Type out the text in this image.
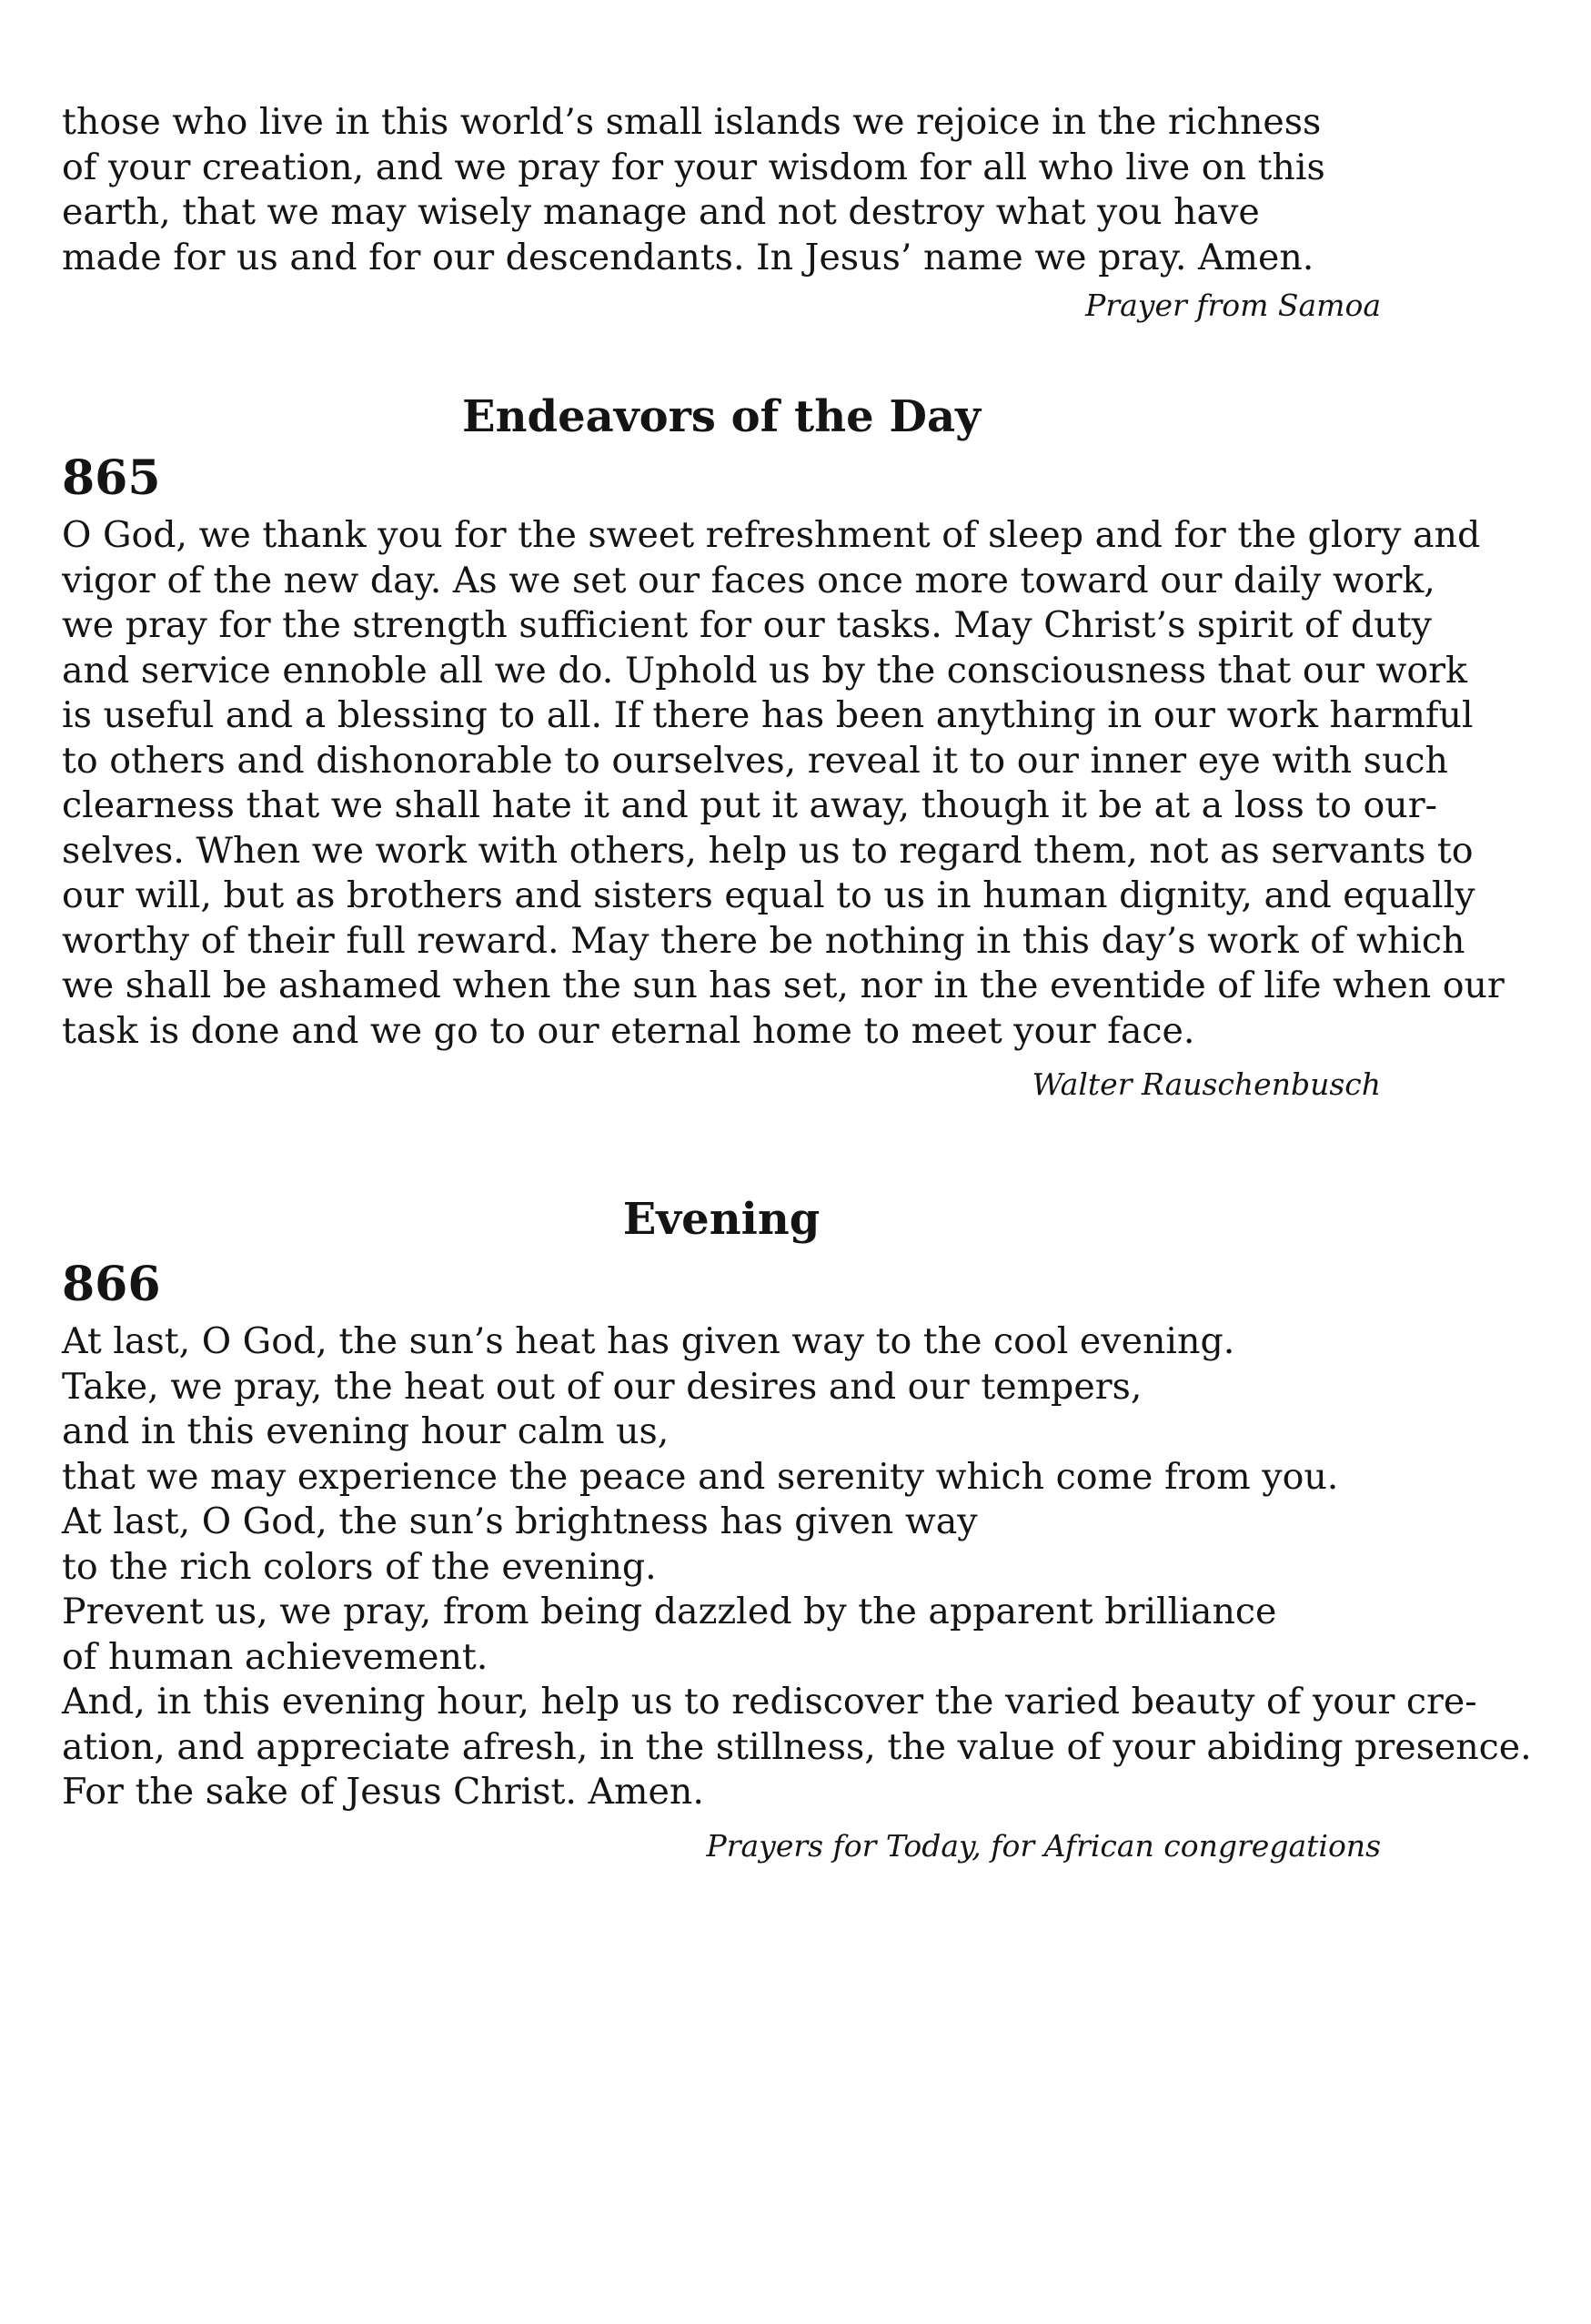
those who live in this world’s small islands we rejoice in the richness

of your creation, and we pray for your wisdom for all who live on this

earth, that we may wisely manage and not destroy what you have

made for us and for our descendants. In Jesus’ name we pray. Amen.

Prayer from Samoa

Endeavors of the Day
865

O God, we thank you for the sweet refreshment of sleep and for the glory and

vigor of the new day. As we set our faces once more toward our daily work,

we pray for the strength sufficient for our tasks. May Christ’s spirit of duty

and service ennoble all we do. Uphold us by the consciousness that our work

is useful and a blessing to all. If there has been anything in our work harmful

to others and dishonorable to ourselves, reveal it to our inner eye with such

clearness that we shall hate it and put it away, though it be at a loss to our-

selves. When we work with others, help us to regard them, not as servants to

our will, but as brothers and sisters equal to us in human dignity, and equally

worthy of their full reward. May there be nothing in this day’s work of which

we shall be ashamed when the sun has set, nor in the eventide of life when our

task is done and we go to our eternal home to meet your face.

Walter Rauschenbusch

Evening
866

At last, O God, the sun’s heat has given way to the cool evening.

Take, we pray, the heat out of our desires and our tempers,

and in this evening hour calm us,

that we may experience the peace and serenity which come from you.

At last, O God, the sun’s brightness has given way

to the rich colors of the evening.

Prevent us, we pray, from being dazzled by the apparent brilliance

of human achievement.

And, in this evening hour, help us to rediscover the varied beauty of your cre-

ation, and appreciate afresh, in the stillness, the value of your abiding presence.

For the sake of Jesus Christ. Amen.

Prayers for Today, for African congregations
